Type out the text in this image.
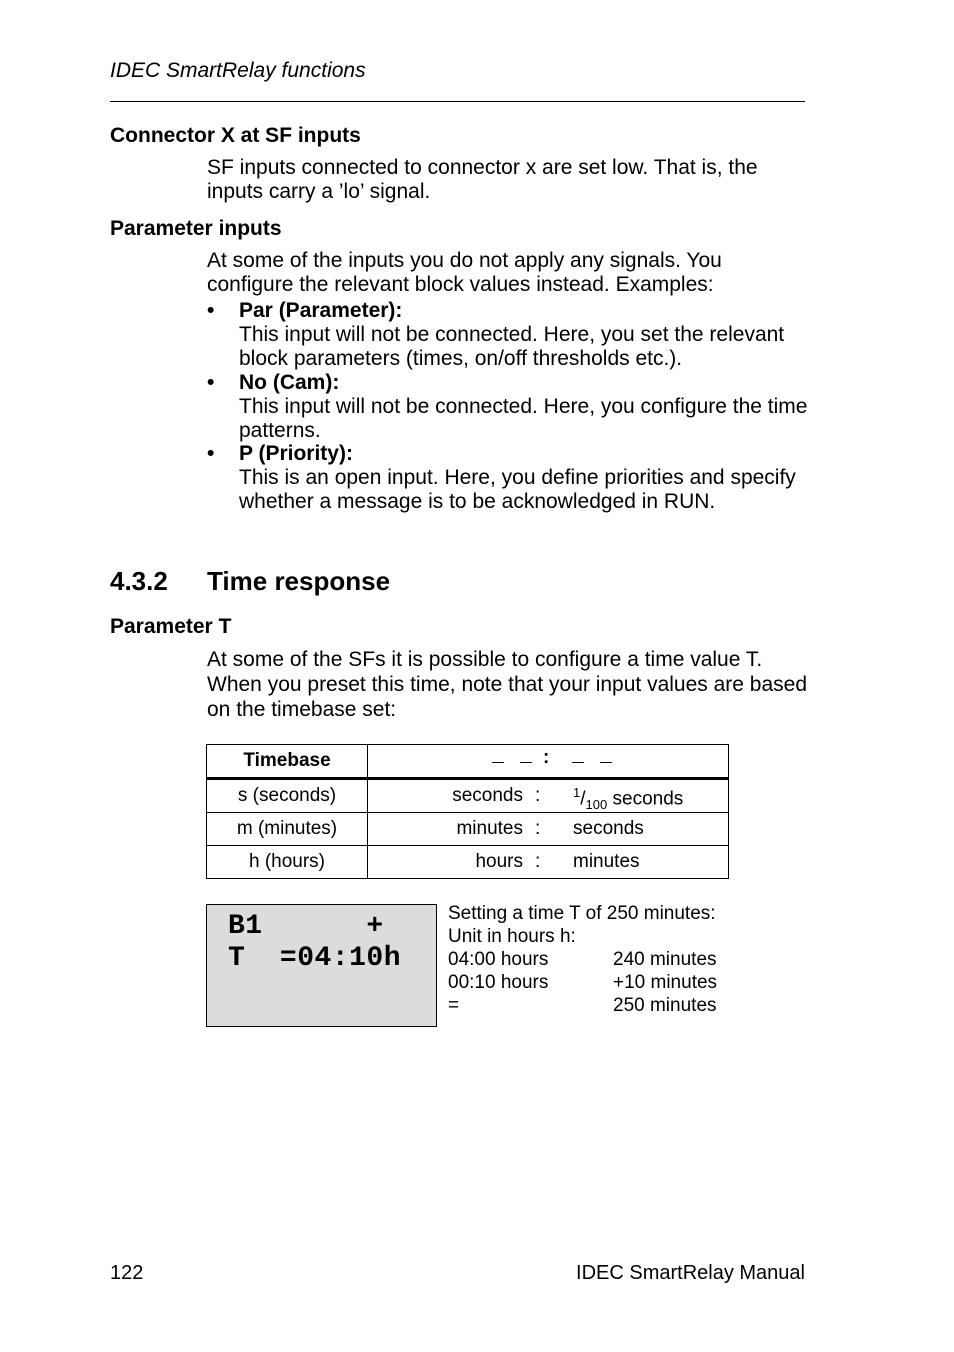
IDEC SmartRelay functions
Connector X at SF inputs
SF inputs connected to connector x are set low. That is, the inputs carry a ’lo’ signal.
Parameter inputs
At some of the inputs you do not apply any signals. You configure the relevant block values instead. Examples:
• Par (Parameter):
This input will not be connected. Here, you set the relevant block parameters (times, on/off thresholds etc.).
• No (Cam):
This input will not be connected. Here, you configure the time patterns.
• P (Priority):
This is an open input. Here, you define priorities and specify whether a message is to be acknowledged in RUN.
4.3.2 Time response
Parameter T
At some of the SFs it is possible to configure a time value T. When you preset this time, note that your input values are based on the timebase set:
Timebase	_ _ : _ _

s (seconds)	seconds : $^1/_{100}$ seconds

m (minutes)	minutes : seconds

h (hours)	hours : minutes
B1      +
T  =04:10h
Setting a time T of 250 minutes:
Unit in hours h:
04:00 hours	240 minutes
00:10 hours	+10 minutes
=	250 minutes
122	IDEC SmartRelay Manual
